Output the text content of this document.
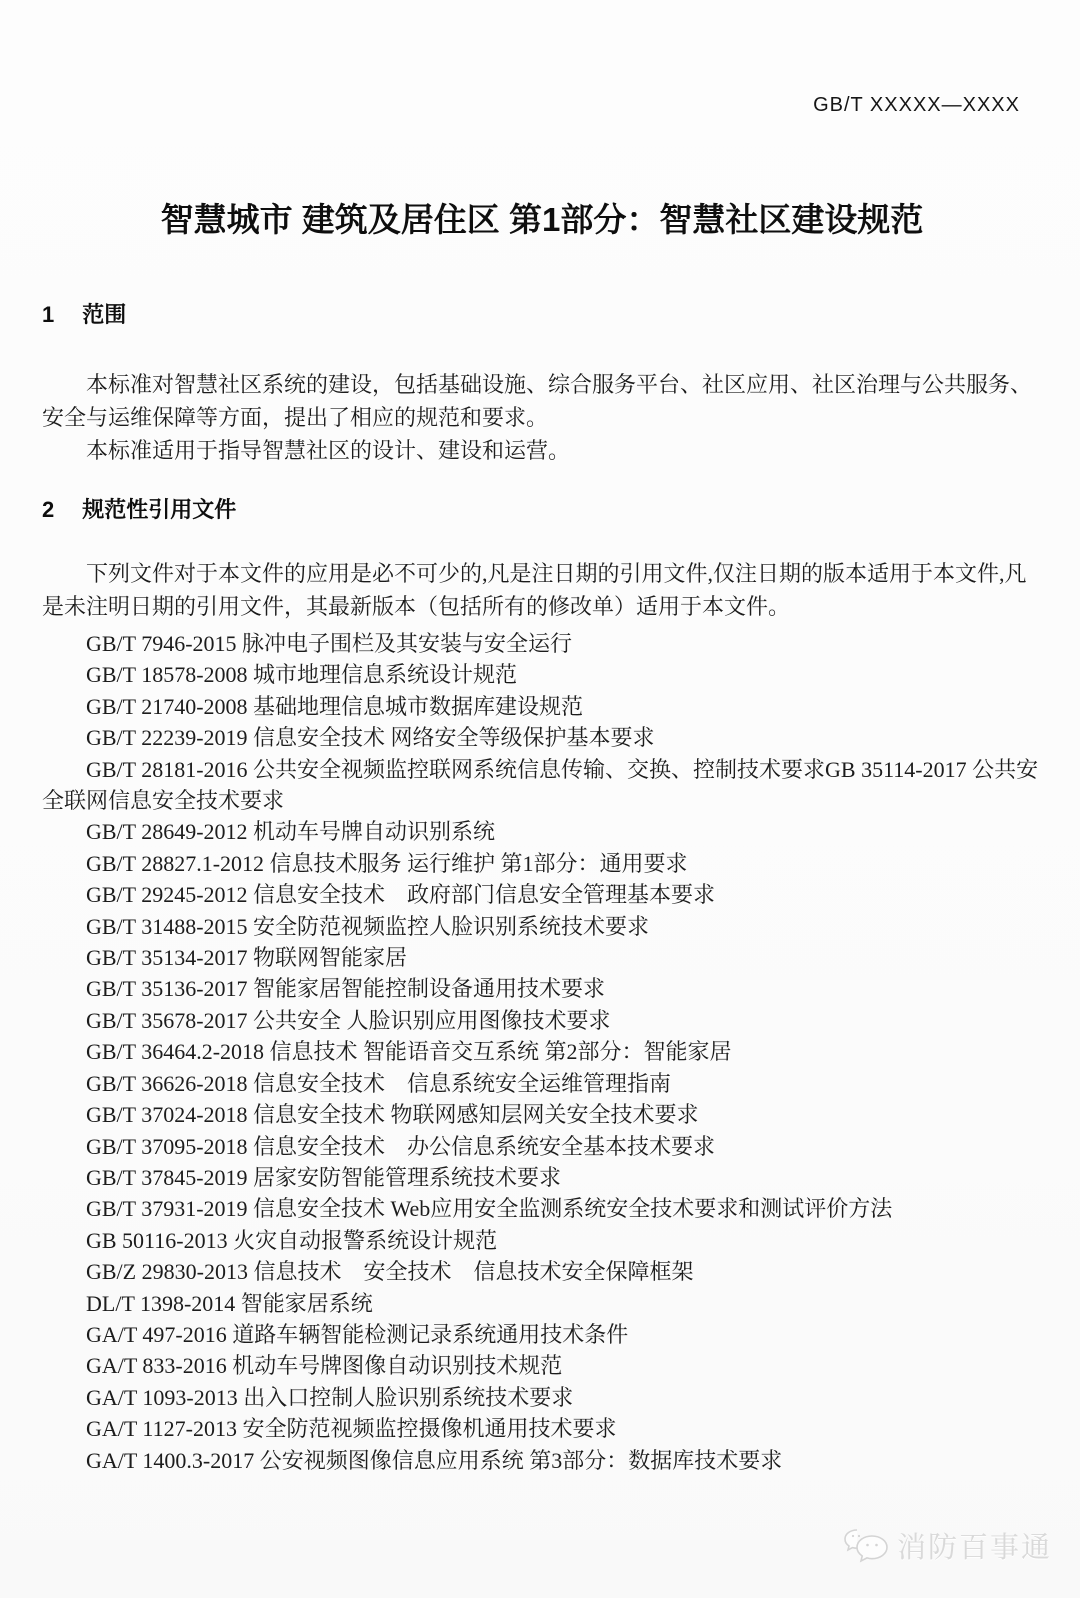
GB/T XXXXX—XXXX
智慧城市 建筑及居住区 第1部分：智慧社区建设规范
1 范围

本标准对智慧社区系统的建设，包括基础设施、综合服务平台、社区应用、社区治理与公共服务、安全与运维保障等方面，提出了相应的规范和要求。

本标准适用于指导智慧社区的设计、建设和运营。

2 规范性引用文件

下列文件对于本文件的应用是必不可少的,凡是注日期的引用文件,仅注日期的版本适用于本文件,凡是未注明日期的引用文件，其最新版本（包括所有的修改单）适用于本文件。

GB/T 7946-2015 脉冲电子围栏及其安装与安全运行
GB/T 18578-2008 城市地理信息系统设计规范
GB/T 21740-2008 基础地理信息城市数据库建设规范
GB/T 22239-2019 信息安全技术 网络安全等级保护基本要求
GB/T 28181-2016 公共安全视频监控联网系统信息传输、交换、控制技术要求GB 35114-2017 公共安全联网信息安全技术要求
GB/T 28649-2012 机动车号牌自动识别系统
GB/T 28827.1-2012 信息技术服务 运行维护 第1部分：通用要求
GB/T 29245-2012 信息安全技术　政府部门信息安全管理基本要求
GB/T 31488-2015 安全防范视频监控人脸识别系统技术要求
GB/T 35134-2017 物联网智能家居
GB/T 35136-2017 智能家居智能控制设备通用技术要求
GB/T 35678-2017 公共安全 人脸识别应用图像技术要求
GB/T 36464.2-2018 信息技术 智能语音交互系统 第2部分：智能家居
GB/T 36626-2018 信息安全技术　信息系统安全运维管理指南
GB/T 37024-2018 信息安全技术 物联网感知层网关安全技术要求
GB/T 37095-2018 信息安全技术　办公信息系统安全基本技术要求
GB/T 37845-2019 居家安防智能管理系统技术要求
GB/T 37931-2019 信息安全技术 Web应用安全监测系统安全技术要求和测试评价方法
GB 50116-2013 火灾自动报警系统设计规范
GB/Z 29830-2013 信息技术　安全技术　信息技术安全保障框架
DL/T 1398-2014 智能家居系统
GA/T 497-2016 道路车辆智能检测记录系统通用技术条件
GA/T 833-2016 机动车号牌图像自动识别技术规范
GA/T 1093-2013 出入口控制人脸识别系统技术要求
GA/T 1127-2013 安全防范视频监控摄像机通用技术要求
GA/T 1400.3-2017 公安视频图像信息应用系统 第3部分：数据库技术要求
消防百事通
